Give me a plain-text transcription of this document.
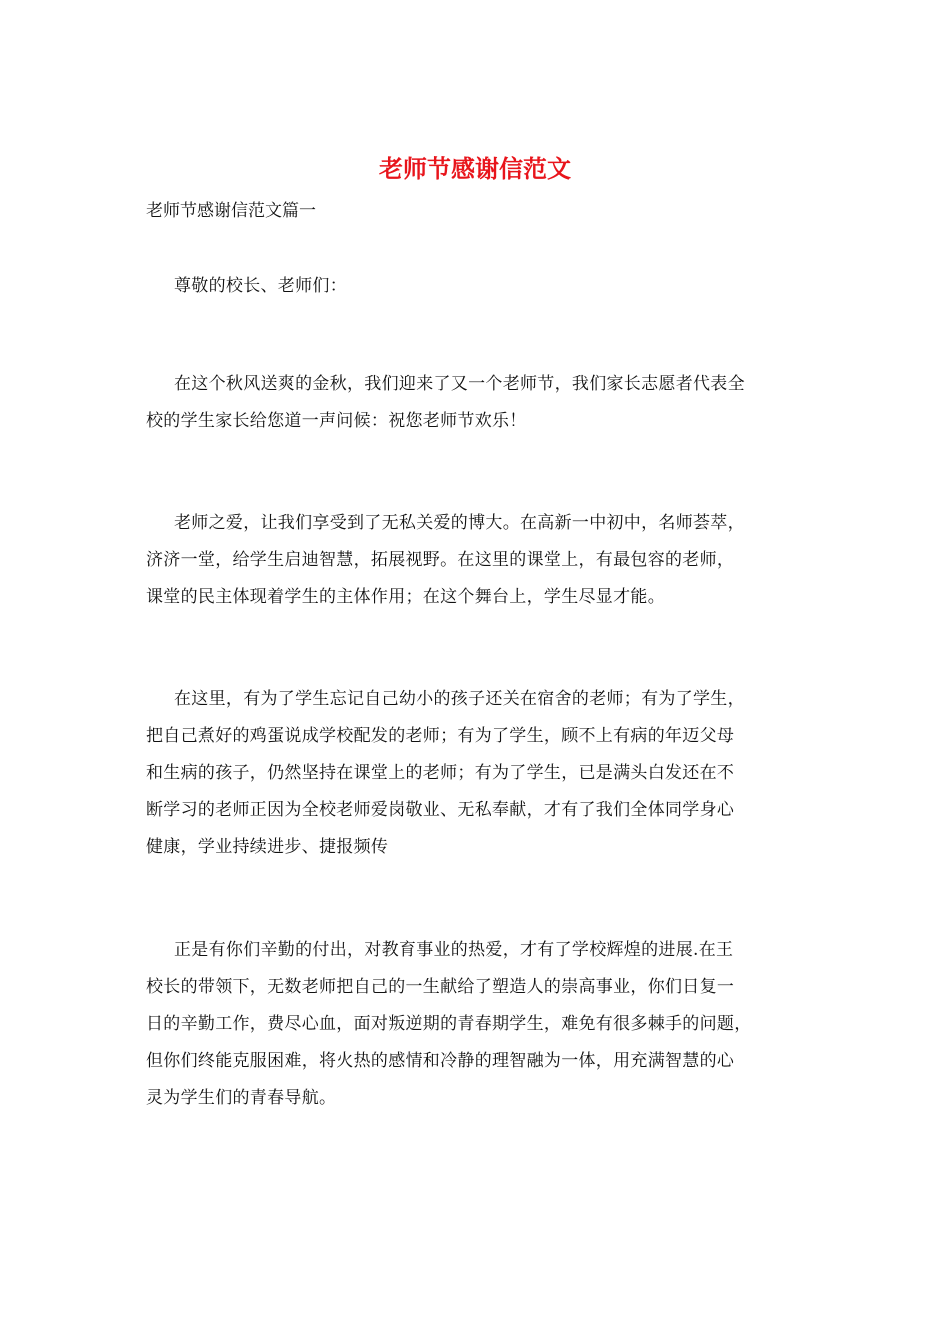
老师节感谢信范文

老师节感谢信范文篇一

尊敬的校长、老师们：

在这个秋风送爽的金秋，我们迎来了又一个老师节，我们家长志愿者代表全
校的学生家长给您道一声问候：祝您老师节欢乐！
老师之爱，让我们享受到了无私关爱的博大。在高新一中初中，名师荟萃，
济济一堂，给学生启迪智慧，拓展视野。在这里的课堂上，有最包容的老师，
课堂的民主体现着学生的主体作用；在这个舞台上，学生尽显才能。
在这里，有为了学生忘记自己幼小的孩子还关在宿舍的老师；有为了学生，
把自己煮好的鸡蛋说成学校配发的老师；有为了学生，顾不上有病的年迈父母
和生病的孩子，仍然坚持在课堂上的老师；有为了学生，已是满头白发还在不
断学习的老师正因为全校老师爱岗敬业、无私奉献，才有了我们全体同学身心
健康，学业持续进步、捷报频传
正是有你们辛勤的付出，对教育事业的热爱，才有了学校辉煌的进展.在王
校长的带领下，无数老师把自己的一生献给了塑造人的崇高事业，你们日复一
日的辛勤工作，费尽心血，面对叛逆期的青春期学生，难免有很多棘手的问题，
但你们终能克服困难，将火热的感情和冷静的理智融为一体，用充满智慧的心
灵为学生们的青春导航。
